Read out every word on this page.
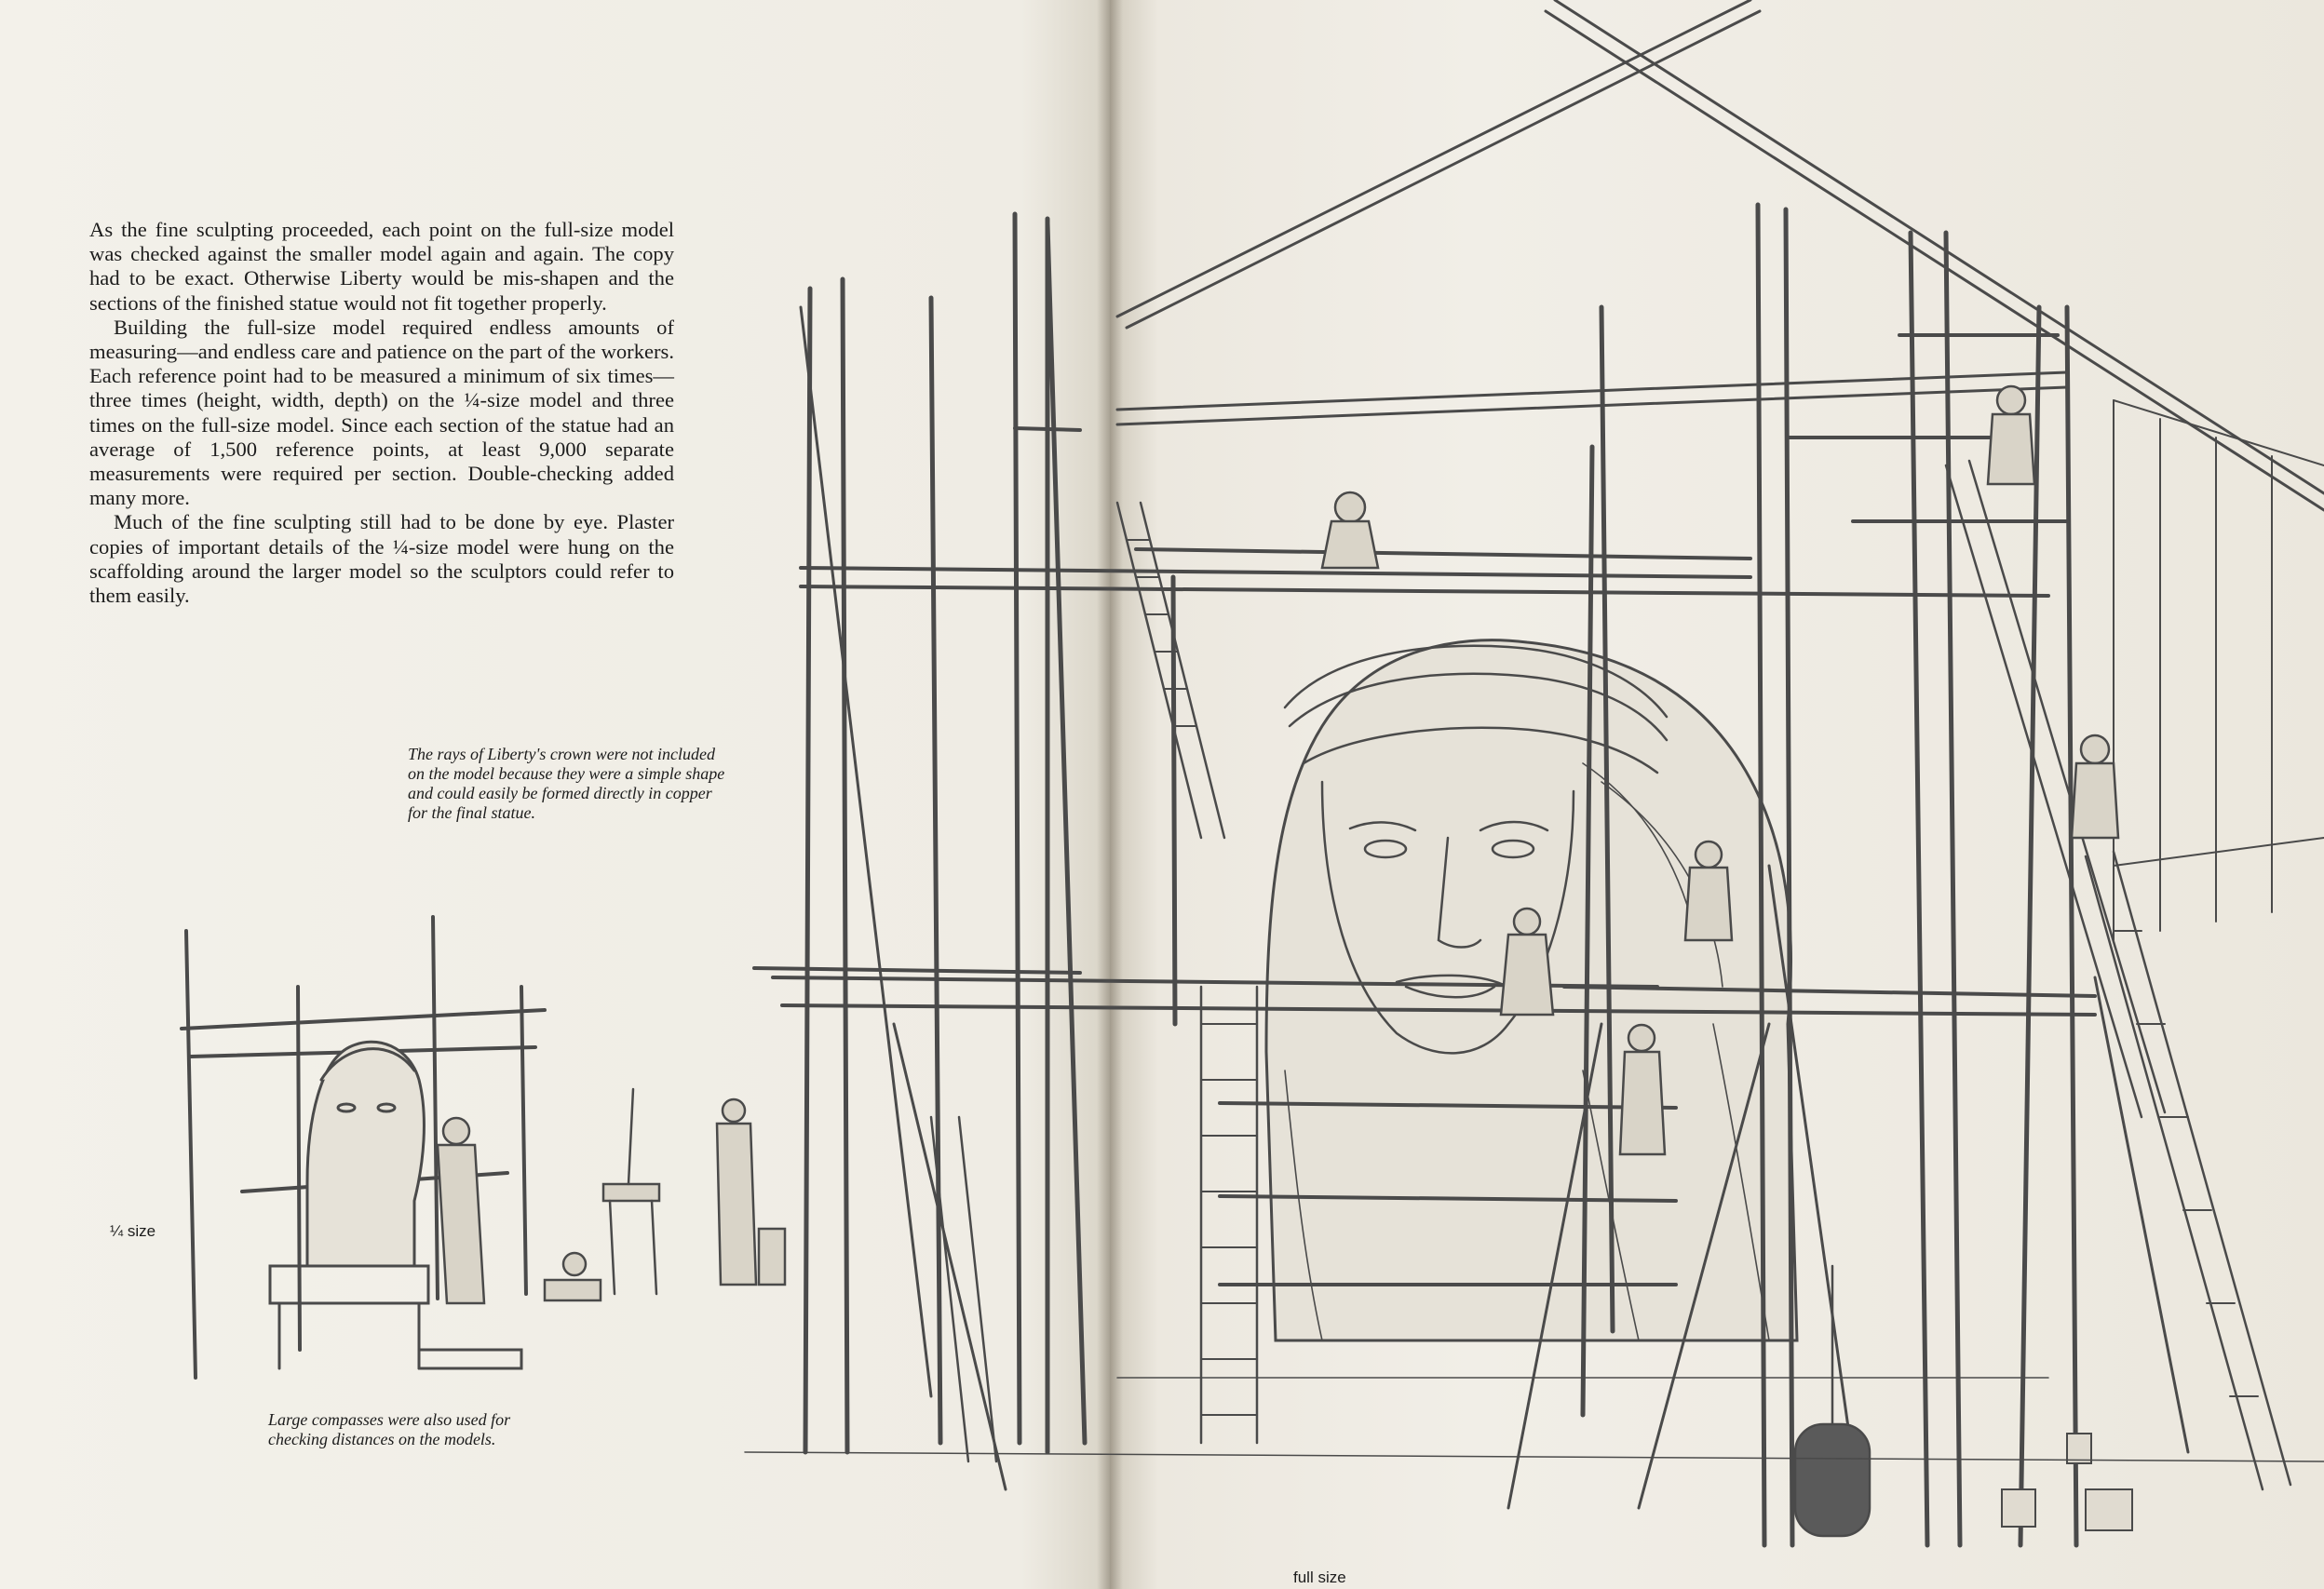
As the fine sculpting proceeded, each point on the full-size model was checked against the smaller model again and again. The copy had to be exact. Otherwise Liberty would be mis-shapen and the sections of the finished statue would not fit together properly.

Building the full-size model required endless amounts of measuring—and endless care and patience on the part of the workers. Each reference point had to be measured a minimum of six times—three times (height, width, depth) on the ¼-size model and three times on the full-size model. Since each section of the statue had an average of 1,500 reference points, at least 9,000 separate measurements were required per section. Double-checking added many more.

Much of the fine sculpting still had to be done by eye. Plaster copies of important details of the ¼-size model were hung on the scaffolding around the larger model so the sculptors could refer to them easily.

The rays of Liberty's crown were not included on the model because they were a simple shape and could easily be formed directly in copper for the final statue.
Large compasses were also used for checking distances on the models.
¼ size
full size
